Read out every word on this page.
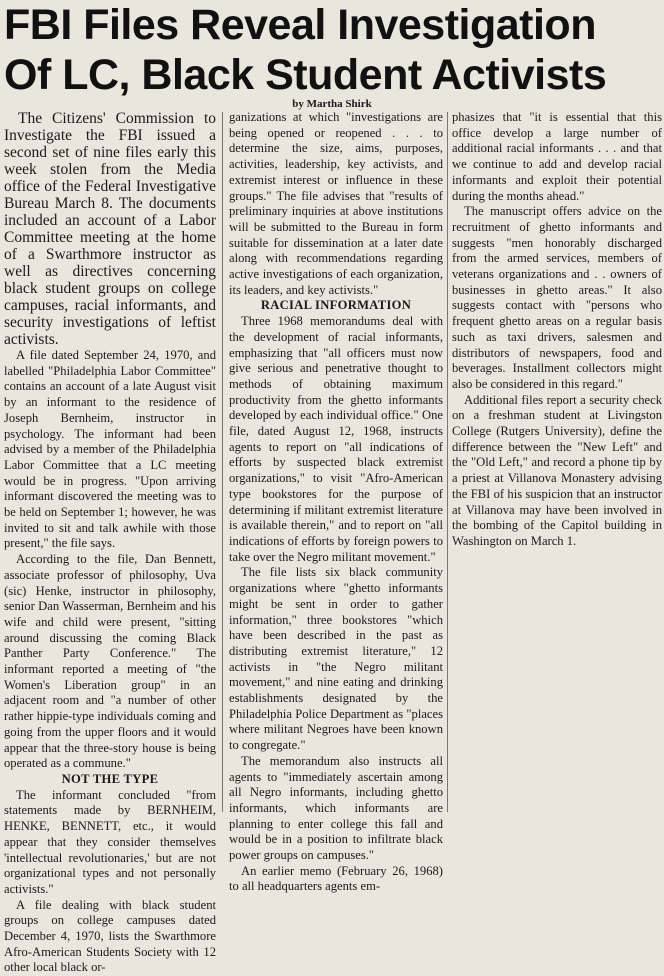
FBI Files Reveal Investigation
Of LC, Black Student Activists

by Martha Shirk

The Citizens' Commission to Investigate the FBI issued a second set of nine files early this week stolen from the Media office of the Federal Investigative Bureau March 8. The documents included an account of a Labor Committee meeting at the home of a Swarthmore instructor as well as directives concerning black student groups on college campuses, racial informants, and security investigations of leftist activists.

A file dated September 24, 1970, and labelled "Philadelphia Labor Committee" contains an account of a late August visit by an informant to the residence of Joseph Bernheim, instructor in psychology. The informant had been advised by a member of the Philadelphia Labor Committee that a LC meeting would be in progress. "Upon arriving informant discovered the meeting was to be held on September 1; however, he was invited to sit and talk awhile with those present," the file says.

According to the file, Dan Bennett, associate professor of philosophy, Uva (sic) Henke, instructor in philosophy, senior Dan Wasserman, Bernheim and his wife and child were present, "sitting around discussing the coming Black Panther Party Conference." The informant reported a meeting of "the Women's Liberation group" in an adjacent room and "a number of other rather hippie-type individuals coming and going from the upper floors and it would appear that the three-story house is being operated as a commune."

NOT THE TYPE

The informant concluded "from statements made by BERNHEIM, HENKE, BENNETT, etc., it would appear that they consider themselves 'intellectual revolutionaries,' but are not organizational types and not personally activists."

A file dealing with black student groups on college campuses dated December 4, 1970, lists the Swarthmore Afro-American Students Society with 12 other local black or-

ganizations at which "investigations are being opened or reopened . . . to determine the size, aims, purposes, activities, leadership, key activists, and extremist interest or influence in these groups." The file advises that "results of preliminary inquiries at above institutions will be submitted to the Bureau in form suitable for dissemination at a later date along with recommendations regarding active investigations of each organization, its leaders, and key activists."

RACIAL INFORMATION

Three 1968 memorandums deal with the development of racial informants, emphasizing that "all officers must now give serious and penetrative thought to methods of obtaining maximum productivity from the ghetto informants developed by each individual office." One file, dated August 12, 1968, instructs agents to report on "all indications of efforts by suspected black extremist organizations," to visit "Afro-American type bookstores for the purpose of determining if militant extremist literature is available therein," and to report on "all indications of efforts by foreign powers to take over the Negro militant movement."

The file lists six black community organizations where "ghetto informants might be sent in order to gather information," three bookstores "which have been described in the past as distributing extremist literature," 12 activists in "the Negro militant movement," and nine eating and drinking establishments designated by the Philadelphia Police Department as "places where militant Negroes have been known to congregate."

The memorandum also instructs all agents to "immediately ascertain among all Negro informants, including ghetto informants, which informants are planning to enter college this fall and would be in a position to infiltrate black power groups on campuses."

An earlier memo (February 26, 1968) to all headquarters agents em-

phasizes that "it is essential that this office develop a large number of additional racial informants . . . and that we continue to add and develop racial informants and exploit their potential during the months ahead."

The manuscript offers advice on the recruitment of ghetto informants and suggests "men honorably discharged from the armed services, members of veterans organizations and . . owners of businesses in ghetto areas." It also suggests contact with "persons who frequent ghetto areas on a regular basis such as taxi drivers, salesmen and distributors of newspapers, food and beverages. Installment collectors might also be considered in this regard."

Additional files report a security check on a freshman student at Livingston College (Rutgers University), define the difference between the "New Left" and the "Old Left," and record a phone tip by a priest at Villanova Monastery advising the FBI of his suspicion that an instructor at Villanova may have been involved in the bombing of the Capitol building in Washington on March 1.
